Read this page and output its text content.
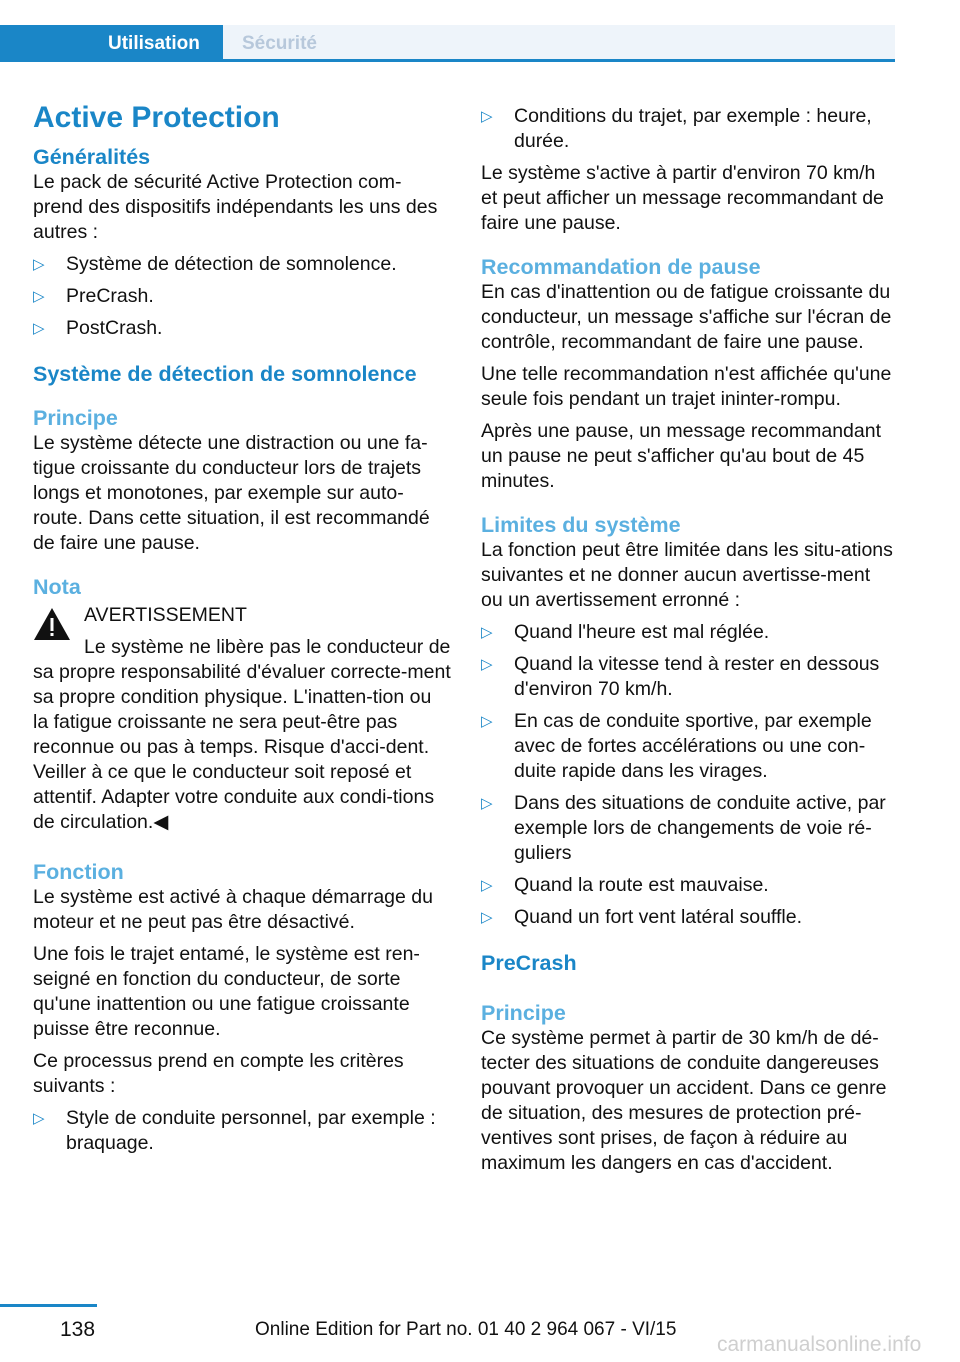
Utilisation	Sécurité
Active Protection
Généralités

Le pack de sécurité Active Protection com-prend des dispositifs indépendants les uns des autres :

▷ Système de détection de somnolence.
▷ PreCrash.
▷ PostCrash.
Système de détection de somnolence
Principe

Le système détecte une distraction ou une fa-tigue croissante du conducteur lors de trajets longs et monotones, par exemple sur auto-route. Dans cette situation, il est recommandé de faire une pause.

Nota

AVERTISSEMENT

Le système ne libère pas le conducteur de sa propre responsabilité d'évaluer correcte-ment sa propre condition physique. L'inatten-tion ou la fatigue croissante ne sera peut-être pas reconnue ou pas à temps. Risque d'acci-dent. Veiller à ce que le conducteur soit reposé et attentif. Adapter votre conduite aux condi-tions de circulation.◀

Fonction

Le système est activé à chaque démarrage du moteur et ne peut pas être désactivé.

Une fois le trajet entamé, le système est ren-seigné en fonction du conducteur, de sorte qu'une inattention ou une fatigue croissante puisse être reconnue.

Ce processus prend en compte les critères suivants :

▷ Style de conduite personnel, par exemple : braquage.
▷ Conditions du trajet, par exemple : heure, durée.

Le système s'active à partir d'environ 70 km/h et peut afficher un message recommandant de faire une pause.

Recommandation de pause

En cas d'inattention ou de fatigue croissante du conducteur, un message s'affiche sur l'écran de contrôle, recommandant de faire une pause.

Une telle recommandation n'est affichée qu'une seule fois pendant un trajet ininter-rompu.

Après une pause, un message recommandant un pause ne peut s'afficher qu'au bout de 45 minutes.

Limites du système

La fonction peut être limitée dans les situ-ations suivantes et ne donner aucun avertisse-ment ou un avertissement erronné :

▷ Quand l'heure est mal réglée.
▷ Quand la vitesse tend à rester en dessous d'environ 70 km/h.
▷ En cas de conduite sportive, par exemple avec de fortes accélérations ou une con-duite rapide dans les virages.
▷ Dans des situations de conduite active, par exemple lors de changements de voie ré-guliers
▷ Quand la route est mauvaise.
▷ Quand un fort vent latéral souffle.
PreCrash
Principe

Ce système permet à partir de 30 km/h de dé-tecter des situations de conduite dangereuses pouvant provoquer un accident. Dans ce genre de situation, des mesures de protection pré-ventives sont prises, de façon à réduire au maximum les dangers en cas d'accident.

138	Online Edition for Part no. 01 40 2 964 067 - VI/15
carmanualsonline.info
